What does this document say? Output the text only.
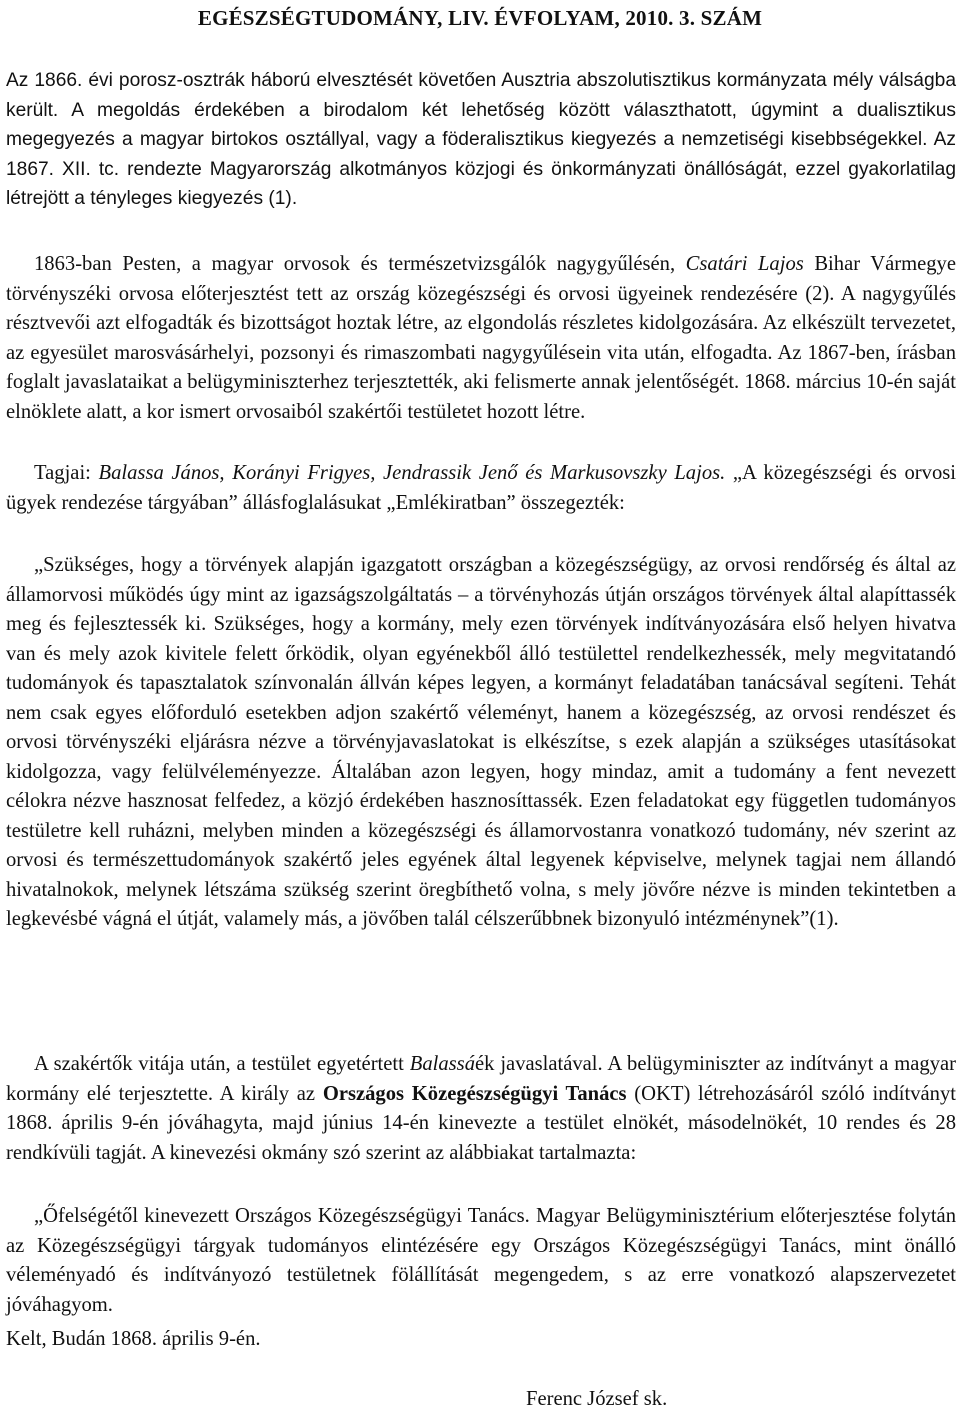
EGÉSZSÉGTUDOMÁNY, LIV. ÉVFOLYAM, 2010. 3. SZÁM

Az 1866. évi porosz-osztrák háború elvesztését követően Ausztria abszolutisztikus kormányzata mély válságba került. A megoldás érdekében a birodalom két lehetőség között választhatott, úgymint a dualisztikus megegyezés a magyar birtokos osztállyal, vagy a föderalisztikus kiegyezés a nemzetiségi kisebbségekkel. Az 1867. XII. tc. rendezte Magyarország alkotmányos közjogi és önkormányzati önállóságát, ezzel gyakorlatilag létrejött a tényleges kiegyezés (1).

1863-ban Pesten, a magyar orvosok és természetvizsgálók nagygyűlésén, Csatári Lajos Bihar Vármegye törvényszéki orvosa előterjesztést tett az ország közegészségi és orvosi ügyeinek rendezésére (2). A nagygyűlés résztvevői azt elfogadták és bizottságot hoztak létre, az elgondolás részletes kidolgozására. Az elkészült tervezetet, az egyesület marosvásárhelyi, pozsonyi és rimaszombati nagygyűlésein vita után, elfogadta. Az 1867-ben, írásban foglalt javaslataikat a belügyminiszterhez terjesztették, aki felismerte annak jelentőségét. 1868. március 10-én saját elnöklete alatt, a kor ismert orvosaiból szakértői testületet hozott létre.

Tagjai: Balassa János, Korányi Frigyes, Jendrassik Jenő és Markusovszky Lajos. „A közegészségi és orvosi ügyek rendezése tárgyában” állásfoglalásukat „Emlékiratban” összegezték:

„Szükséges, hogy a törvények alapján igazgatott országban a közegészségügy, az orvosi rendőrség és által az államorvosi működés úgy mint az igazságszolgáltatás – a törvényhozás útján országos törvények által alapíttassék meg és fejlesztessék ki. Szükséges, hogy a kormány, mely ezen törvények indítványozására első helyen hivatva van és mely azok kivitele felett őrködik, olyan egyénekből álló testülettel rendelkezhessék, mely megvitatandó tudományok és tapasztalatok színvonalán állván képes legyen, a kormányt feladatában tanácsával segíteni. Tehát nem csak egyes előforduló esetekben adjon szakértő véleményt, hanem a közegészség, az orvosi rendészet és orvosi törvényszéki eljárásra nézve a törvényjavaslatokat is elkészítse, s ezek alapján a szükséges utasításokat kidolgozza, vagy felülvéleményezze. Általában azon legyen, hogy mindaz, amit a tudomány a fent nevezett célokra nézve hasznosat felfedez, a közjó érdekében hasznosíttassék. Ezen feladatokat egy független tudományos testületre kell ruházni, melyben minden a közegészségi és államorvostanra vonatkozó tudomány, név szerint az orvosi és természettudományok szakértő jeles egyének által legyenek képviselve, melynek tagjai nem állandó hivatalnokok, melynek létszáma szükség szerint öregbíthető volna, s mely jövőre nézve is minden tekintetben a legkevésbé vágná el útját, valamely más, a jövőben talál célszerűbbnek bizonyuló intézménynek”(1).

A szakértők vitája után, a testület egyetértett Balassáék javaslatával. A belügyminiszter az indítványt a magyar kormány elé terjesztette. A király az Országos Közegészségügyi Tanács (OKT) létrehozásáról szóló indítványt 1868. április 9-én jóváhagyta, majd június 14-én kinevezte a testület elnökét, másodelnökét, 10 rendes és 28 rendkívüli tagját. A kinevezési okmány szó szerint az alábbiakat tartalmazta:

„Őfelségétől kinevezett Országos Közegészségügyi Tanács. Magyar Belügyminisztérium előterjesztése folytán az Közegészségügyi tárgyak tudományos elintézésére egy Országos Közegészségügyi Tanács, mint önálló véleményadó és indítványozó testületnek fölállítását megengedem, s az erre vonatkozó alapszervezetet jóváhagyom.

Kelt, Budán 1868. április 9-én.

Ferenc József sk.
